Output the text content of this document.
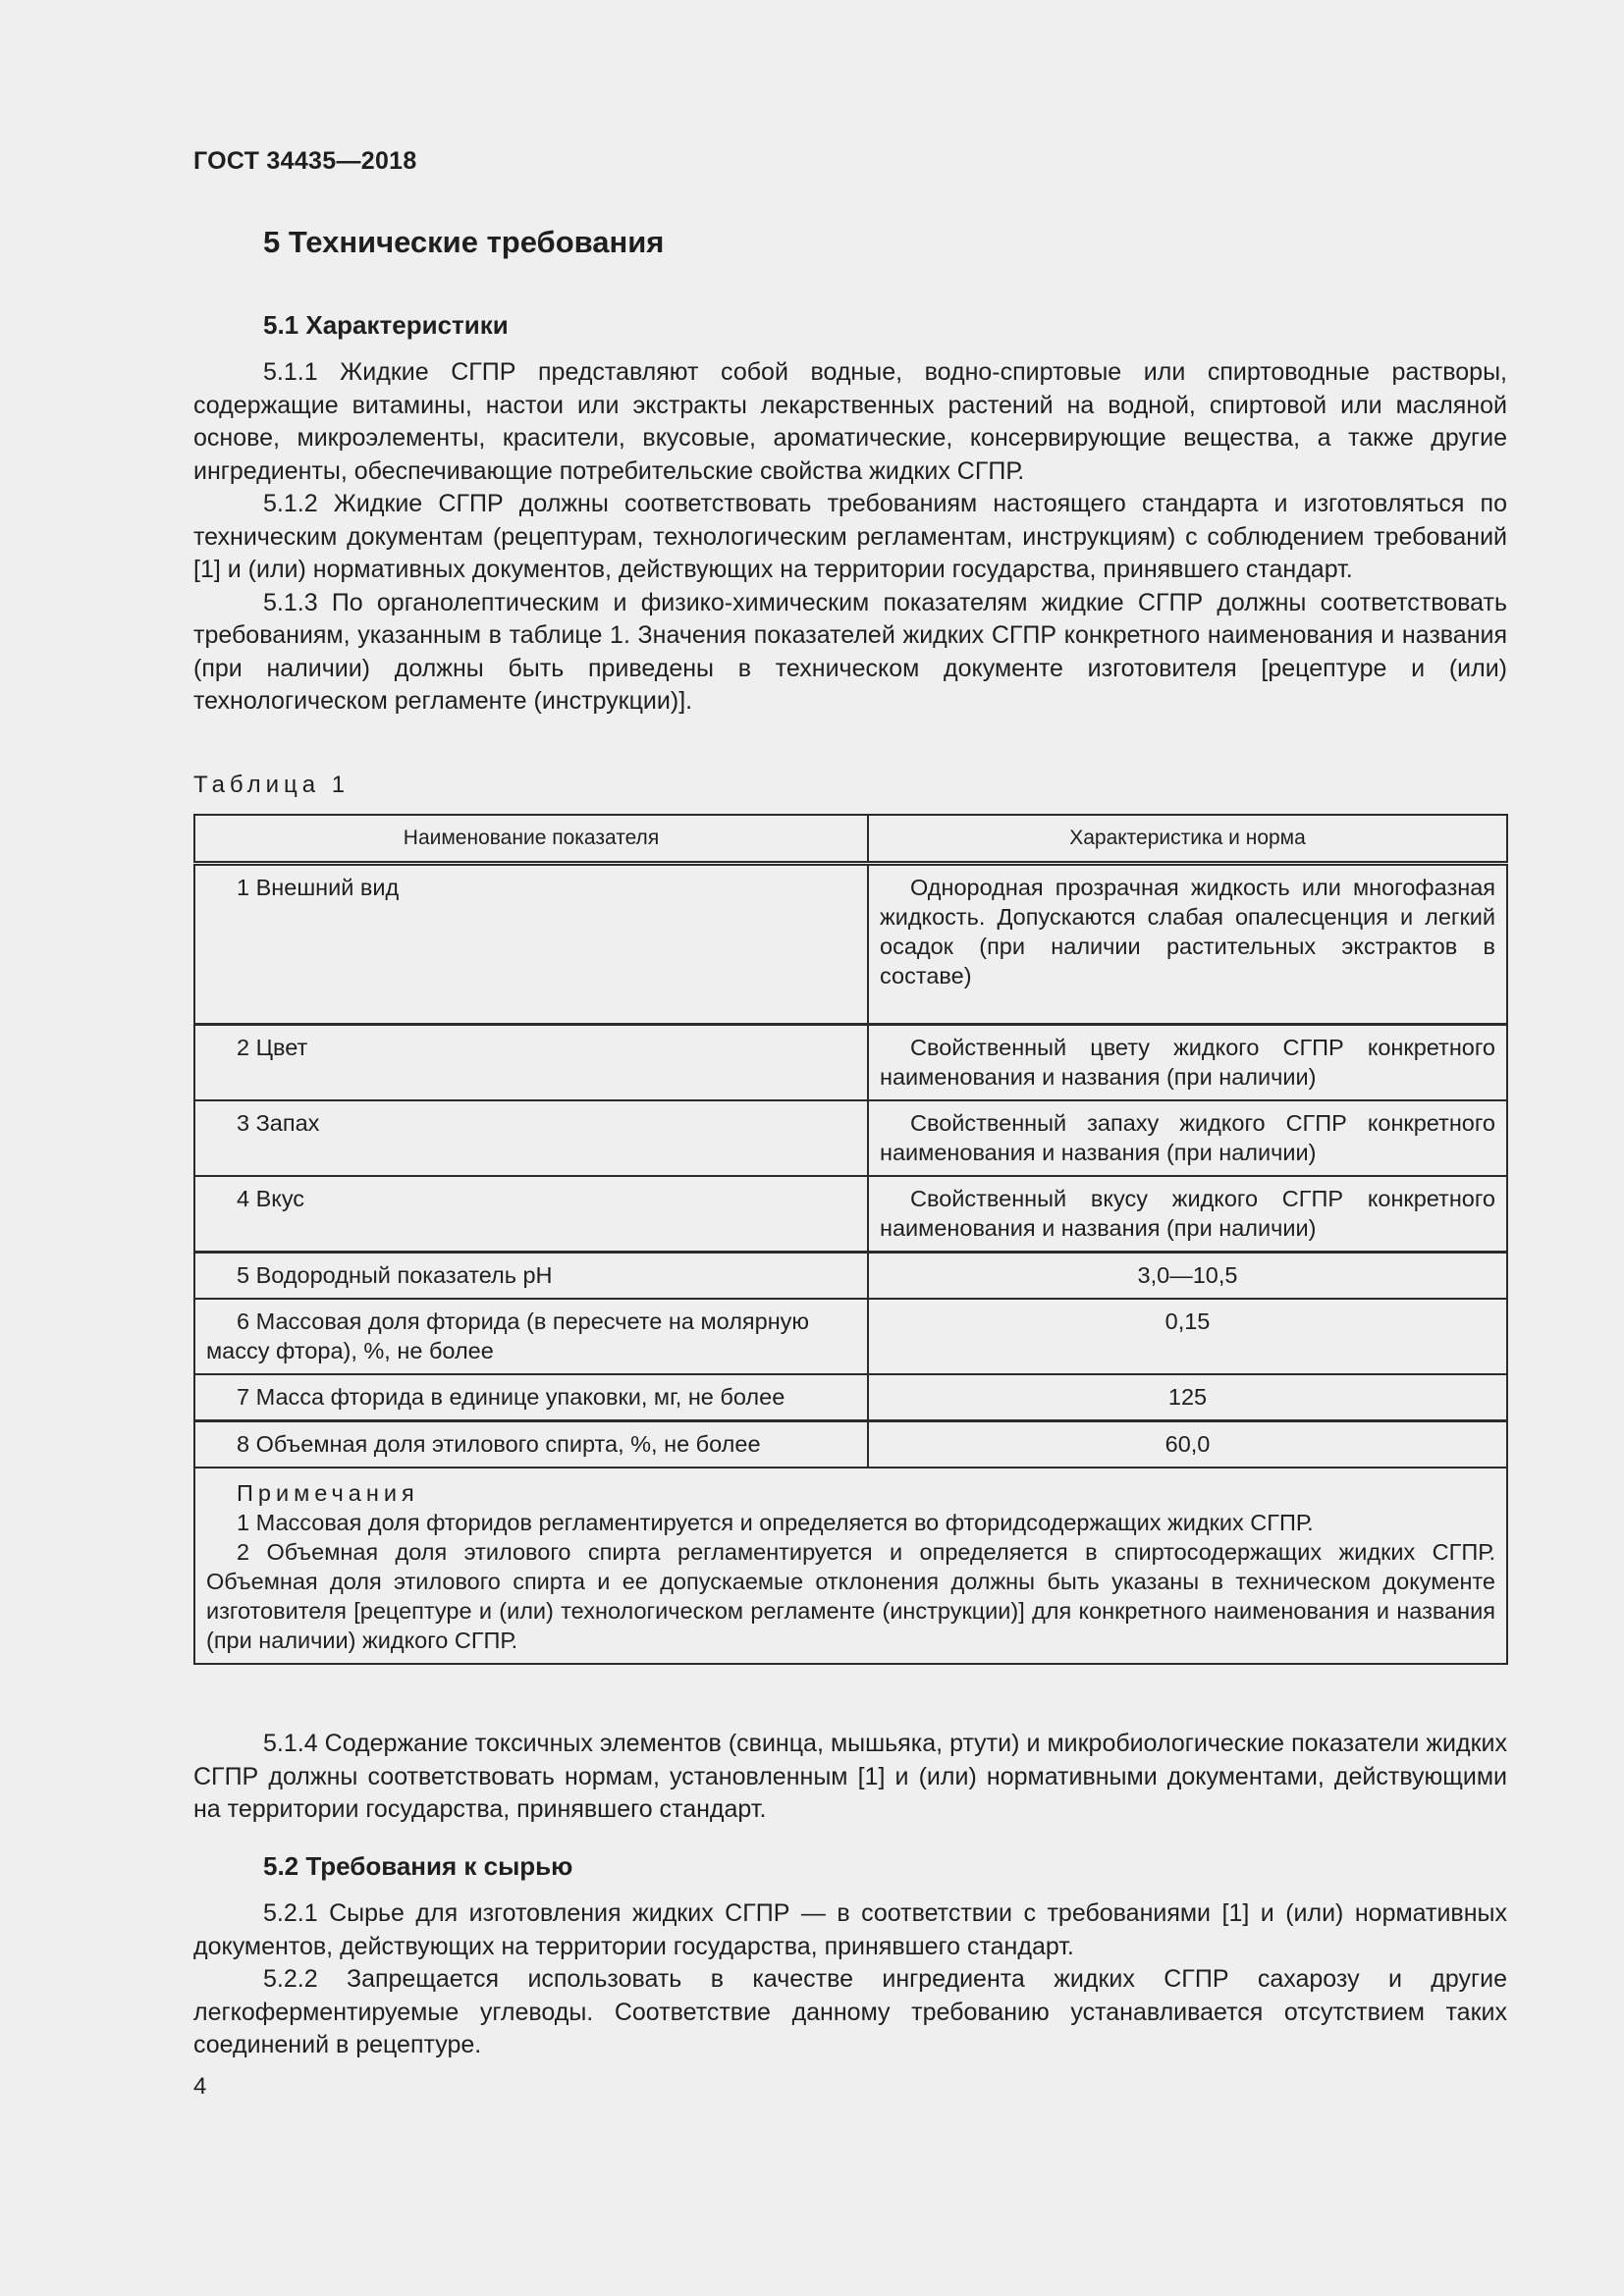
ГОСТ 34435—2018
5 Технические требования
5.1 Характеристики

5.1.1 Жидкие СГПР представляют собой водные, водно-спиртовые или спиртоводные растворы, содержащие витамины, настои или экстракты лекарственных растений на водной, спиртовой или масляной основе, микроэлементы, красители, вкусовые, ароматические, консервирующие вещества, а также другие ингредиенты, обеспечивающие потребительские свойства жидких СГПР.

5.1.2 Жидкие СГПР должны соответствовать требованиям настоящего стандарта и изготовляться по техническим документам (рецептурам, технологическим регламентам, инструкциям) с соблюдением требований [1] и (или) нормативных документов, действующих на территории государства, принявшего стандарт.

5.1.3 По органолептическим и физико-химическим показателям жидкие СГПР должны соответствовать требованиям, указанным в таблице 1. Значения показателей жидких СГПР конкретного наименования и названия (при наличии) должны быть приведены в техническом документе изготовителя [рецептуре и (или) технологическом регламенте (инструкции)].

Таблица 1
Наименование показателя	Характеристика и норма

1 Внешний вид	Однородная прозрачная жидкость или многофазная жидкость. Допускаются слабая опалесценция и легкий осадок (при наличии растительных экстрактов в составе)

2 Цвет	Свойственный цвету жидкого СГПР конкретного наименования и названия (при наличии)

3 Запах	Свойственный запаху жидкого СГПР конкретного наименования и названия (при наличии)

4 Вкус	Свойственный вкусу жидкого СГПР конкретного наименования и названия (при наличии)

5 Водородный показатель pH	3,0—10,5

6 Массовая доля фторида (в пересчете на молярную массу фтора), %, не более	0,15

7 Масса фторида в единице упаковки, мг, не более	125

8 Объемная доля этилового спирта, %, не более	60,0

Примечания
1 Массовая доля фторидов регламентируется и определяется во фторидсодержащих жидких СГПР.
2 Объемная доля этилового спирта регламентируется и определяется в спиртосодержащих жидких СГПР. Объемная доля этилового спирта и ее допускаемые отклонения должны быть указаны в техническом документе изготовителя [рецептуре и (или) технологическом регламенте (инструкции)] для конкретного наименования и названия (при наличии) жидкого СГПР.	

5.1.4 Содержание токсичных элементов (свинца, мышьяка, ртути) и микробиологические показатели жидких СГПР должны соответствовать нормам, установленным [1] и (или) нормативными документами, действующими на территории государства, принявшего стандарт.

5.2 Требования к сырью

5.2.1 Сырье для изготовления жидких СГПР — в соответствии с требованиями [1] и (или) нормативных документов, действующих на территории государства, принявшего стандарт.

5.2.2 Запрещается использовать в качестве ингредиента жидких СГПР сахарозу и другие легкоферментируемые углеводы. Соответствие данному требованию устанавливается отсутствием таких соединений в рецептуре.

4
